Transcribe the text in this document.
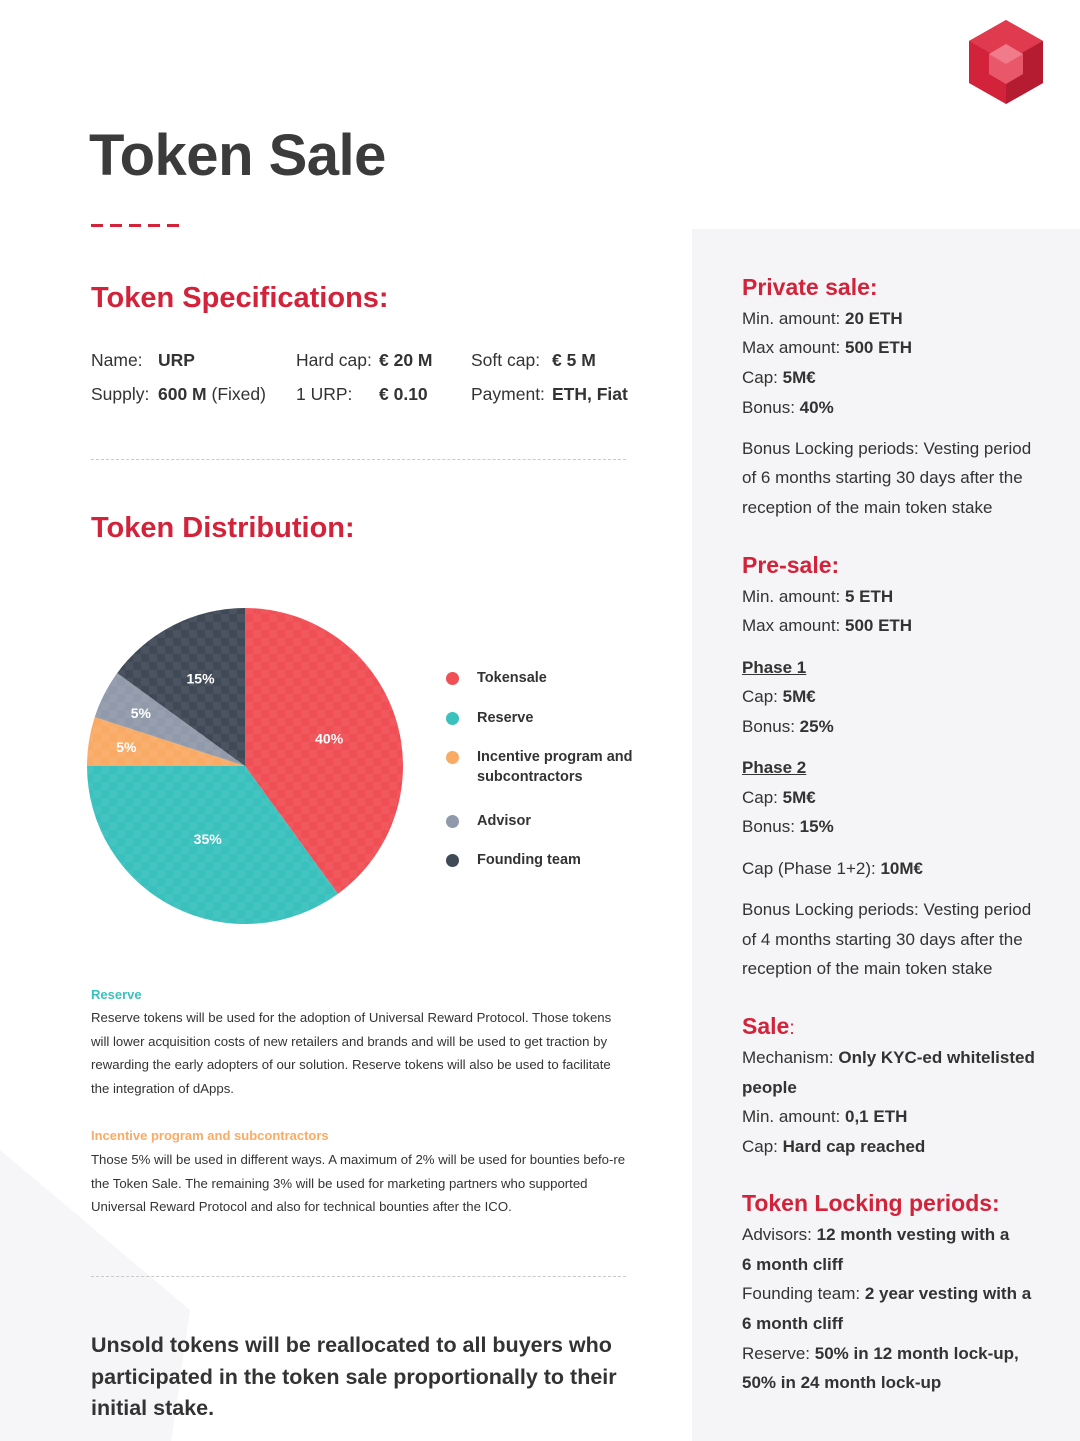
Token Sale
Token Specifications:
Name: URP	Hard cap: € 20 M Soft cap: € 5 M
Supply: 600 M (Fixed) 1 URP: € 0.10 Payment: ETH, Fiat
Token Distribution:
40%
35%
5%
5%
15%	Tokensale
Reserve
Incentive program and subcontractors
Advisor
Founding team
Reserve
Reserve tokens will be used for the adoption of Universal Reward Protocol. Those tokens will lower acquisition costs of new retailers and brands and will be used to get traction by rewarding the early adopters of our solution. Reserve tokens will also be used to facilitate the integration of dApps.
Incentive program and subcontractors
Those 5% will be used in different ways. A maximum of 2% will be used for bounties befo-re the Token Sale. The remaining 3% will be used for marketing partners who supported Universal Reward Protocol and also for technical bounties after the ICO.
Unsold tokens will be reallocated to all buyers who participated in the token sale proportionally to their initial stake.
Private sale:
Min. amount: 20 ETH
Max amount: 500 ETH
Cap: 5M€
Bonus: 40%
Bonus Locking periods: Vesting period
of 6 months starting 30 days after the
reception of the main token stake
Pre-sale:
Min. amount: 5 ETH
Max amount: 500 ETH
Phase 1
Cap: 5M€
Bonus: 25%
Phase 2
Cap: 5M€
Bonus: 15%
Cap (Phase 1+2): 10M€
Bonus Locking periods: Vesting period
of 4 months starting 30 days after the
reception of the main token stake
Sale:
Mechanism: Only KYC-ed whitelisted
people
Min. amount: 0,1 ETH
Cap: Hard cap reached
Token Locking periods:
Advisors: 12 month vesting with a
6 month cliff
Founding team: 2 year vesting with a
6 month cliff
Reserve: 50% in 12 month lock-up,
50% in 24 month lock-up
